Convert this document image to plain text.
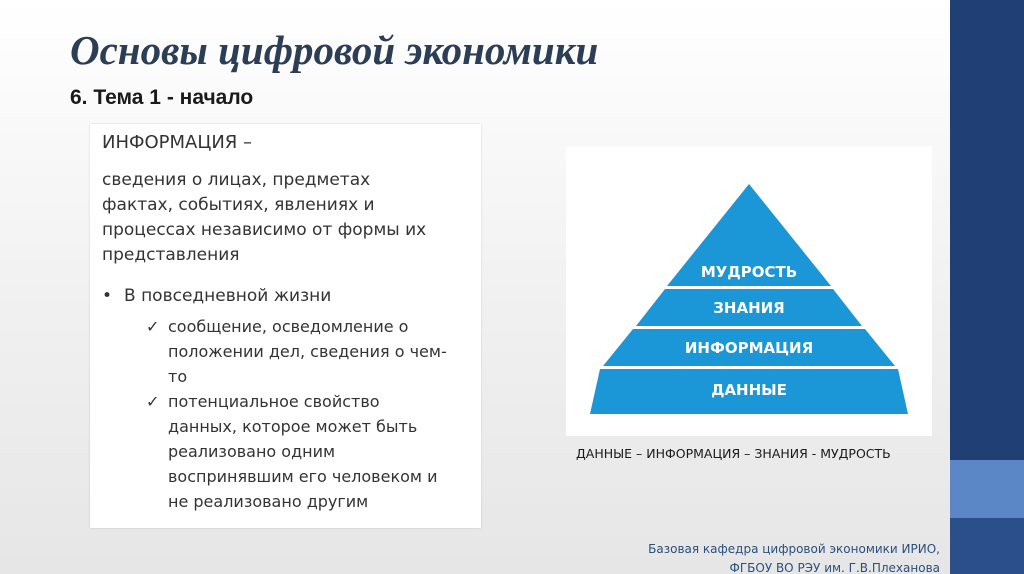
Основы цифровой экономики
6. Тема 1 - начало

ИНФОРМАЦИЯ –

сведения о лицах, предметах
фактах, событиях, явлениях и
процессах независимо от формы их
представления

• В повседневной жизни
✓ сообщение, осведомление о
положении дел, сведения о чем-
то
✓ потенциальное свойство
данных, которое может быть
реализовано одним
воспринявшим его человеком и
не реализовано другим
МУДРОСТЬ
ЗНАНИЯ
ИНФОРМАЦИЯ
ДАННЫЕ
ДАННЫЕ – ИНФОРМАЦИЯ – ЗНАНИЯ - МУДРОСТЬ
Базовая кафедра цифровой экономики ИРИО,
ФГБОУ ВО РЭУ им. Г.В.Плеханова
